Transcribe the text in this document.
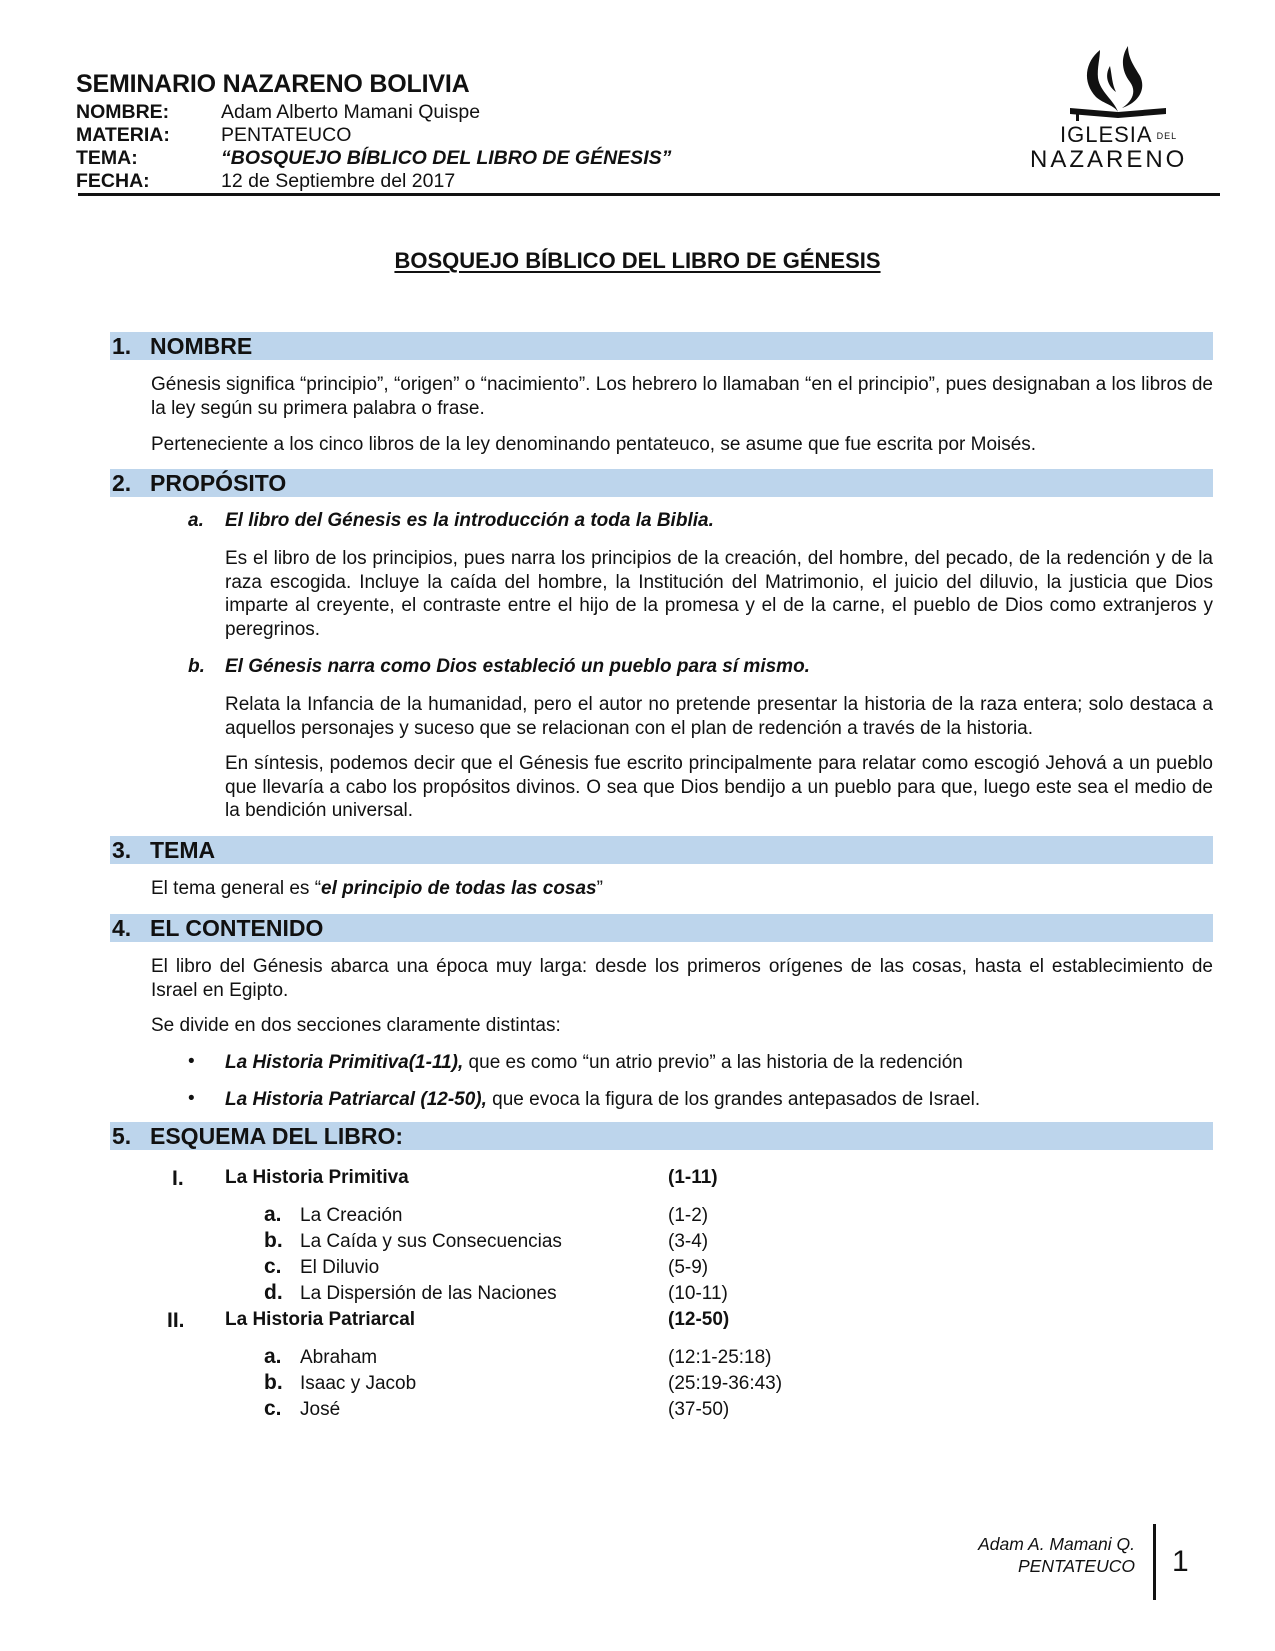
SEMINARIO NAZARENO BOLIVIA
NOMBRE:	Adam Alberto Mamani Quispe
MATERIA:	PENTATEUCO
TEMA:	“BOSQUEJO BÍBLICO DEL LIBRO DE GÉNESIS”
FECHA:	12 de Septiembre del 2017
IGLESIA DEL
NAZARENO
BOSQUEJO BÍBLICO DEL LIBRO DE GÉNESIS
1. NOMBRE
Génesis significa “principio”, “origen” o “nacimiento”. Los hebrero lo llamaban “en el principio”, pues designaban a los libros de la ley según su primera palabra o frase.
Perteneciente a los cinco libros de la ley denominando pentateuco, se asume que fue escrita por Moisés.
2. PROPÓSITO
a. El libro del Génesis es la introducción a toda la Biblia.
Es el libro de los principios, pues narra los principios de la creación, del hombre, del pecado, de la redención y de la raza escogida. Incluye la caída del hombre, la Institución del Matrimonio, el juicio del diluvio, la justicia que Dios imparte al creyente, el contraste entre el hijo de la promesa y el de la carne, el pueblo de Dios como extranjeros y peregrinos.
b. El Génesis narra como Dios estableció un pueblo para sí mismo.
Relata la Infancia de la humanidad, pero el autor no pretende presentar la historia de la raza entera; solo destaca a aquellos personajes y suceso que se relacionan con el plan de redención a través de la historia.
En síntesis, podemos decir que el Génesis fue escrito principalmente para relatar como escogió Jehová a un pueblo que llevaría a cabo los propósitos divinos. O sea que Dios bendijo a un pueblo para que, luego este sea el medio de la bendición universal.
3. TEMA
El tema general es “el principio de todas las cosas”
4. EL CONTENIDO
El libro del Génesis abarca una época muy larga: desde los primeros orígenes de las cosas, hasta el establecimiento de Israel en Egipto.
Se divide en dos secciones claramente distintas:
• La Historia Primitiva(1-11), que es como “un atrio previo” a las historia de la redención
• La Historia Patriarcal (12-50), que evoca la figura de los grandes antepasados de Israel.
5. ESQUEMA DEL LIBRO:
I. La Historia Primitiva	(1-11)
a. La Creación	(1-2)
b. La Caída y sus Consecuencias	(3-4)
c. El Diluvio	(5-9)
d. La Dispersión de las Naciones	(10-11)
II. La Historia Patriarcal	(12-50)
a. Abraham	(12:1-25:18)
b. Isaac y Jacob	(25:19-36:43)
c. José	(37-50)
Adam A. Mamani Q.
PENTATEUCO 1
